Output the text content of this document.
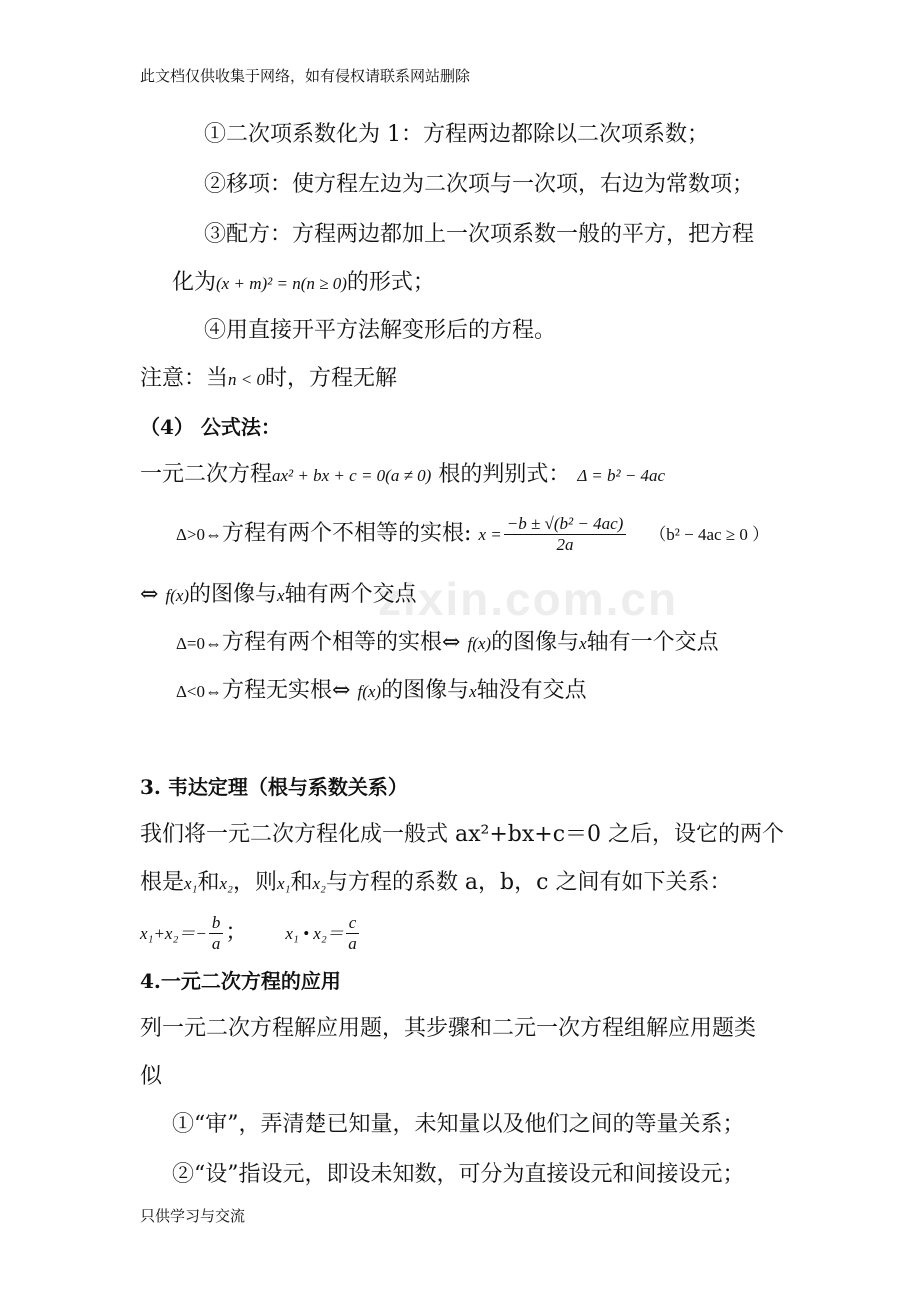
此文档仅供收集于网络，如有侵权请联系网站删除
zixin.com.cn
①二次项系数化为 1：方程两边都除以二次项系数；
②移项：使方程左边为二次项与一次项，右边为常数项；
③配方：方程两边都加上一次项系数一般的平方，把方程
化为(x + m)² = n(n ≥ 0)的形式；
④用直接开平方法解变形后的方程。
注意：当n < 0时，方程无解
（4） 公式法：
一元二次方程ax² + bx + c = 0(a ≠ 0) 根的判别式： Δ = b² − 4ac
Δ>0⇔方程有两个不相等的实根: $x = \frac{\text{−b ± √(b² − 4ac)}}{2a} (b^2 - 4ac \ge 0$ ）
⇔ f(x)的图像与x轴有两个交点
Δ=0⇔方程有两个相等的实根⇔ f(x)的图像与x轴有一个交点
Δ<0⇔方程无实根⇔ f(x)的图像与x轴没有交点
3. 韦达定理（根与系数关系）
我们将一元二次方程化成一般式 ax²+bx+c＝0 之后，设它的两个
根是x₁和x₂，则x₁和x₂与方程的系数 a，b，c 之间有如下关系：
$x_1+x_2=- \frac{b}{a}$ ； x₁ • $x_2= \frac{c}{a}$
4.一元二次方程的应用
列一元二次方程解应用题，其步骤和二元一次方程组解应用题类
似
①“审”，弄清楚已知量，未知量以及他们之间的等量关系；
②“设”指设元，即设未知数，可分为直接设元和间接设元；
只供学习与交流
